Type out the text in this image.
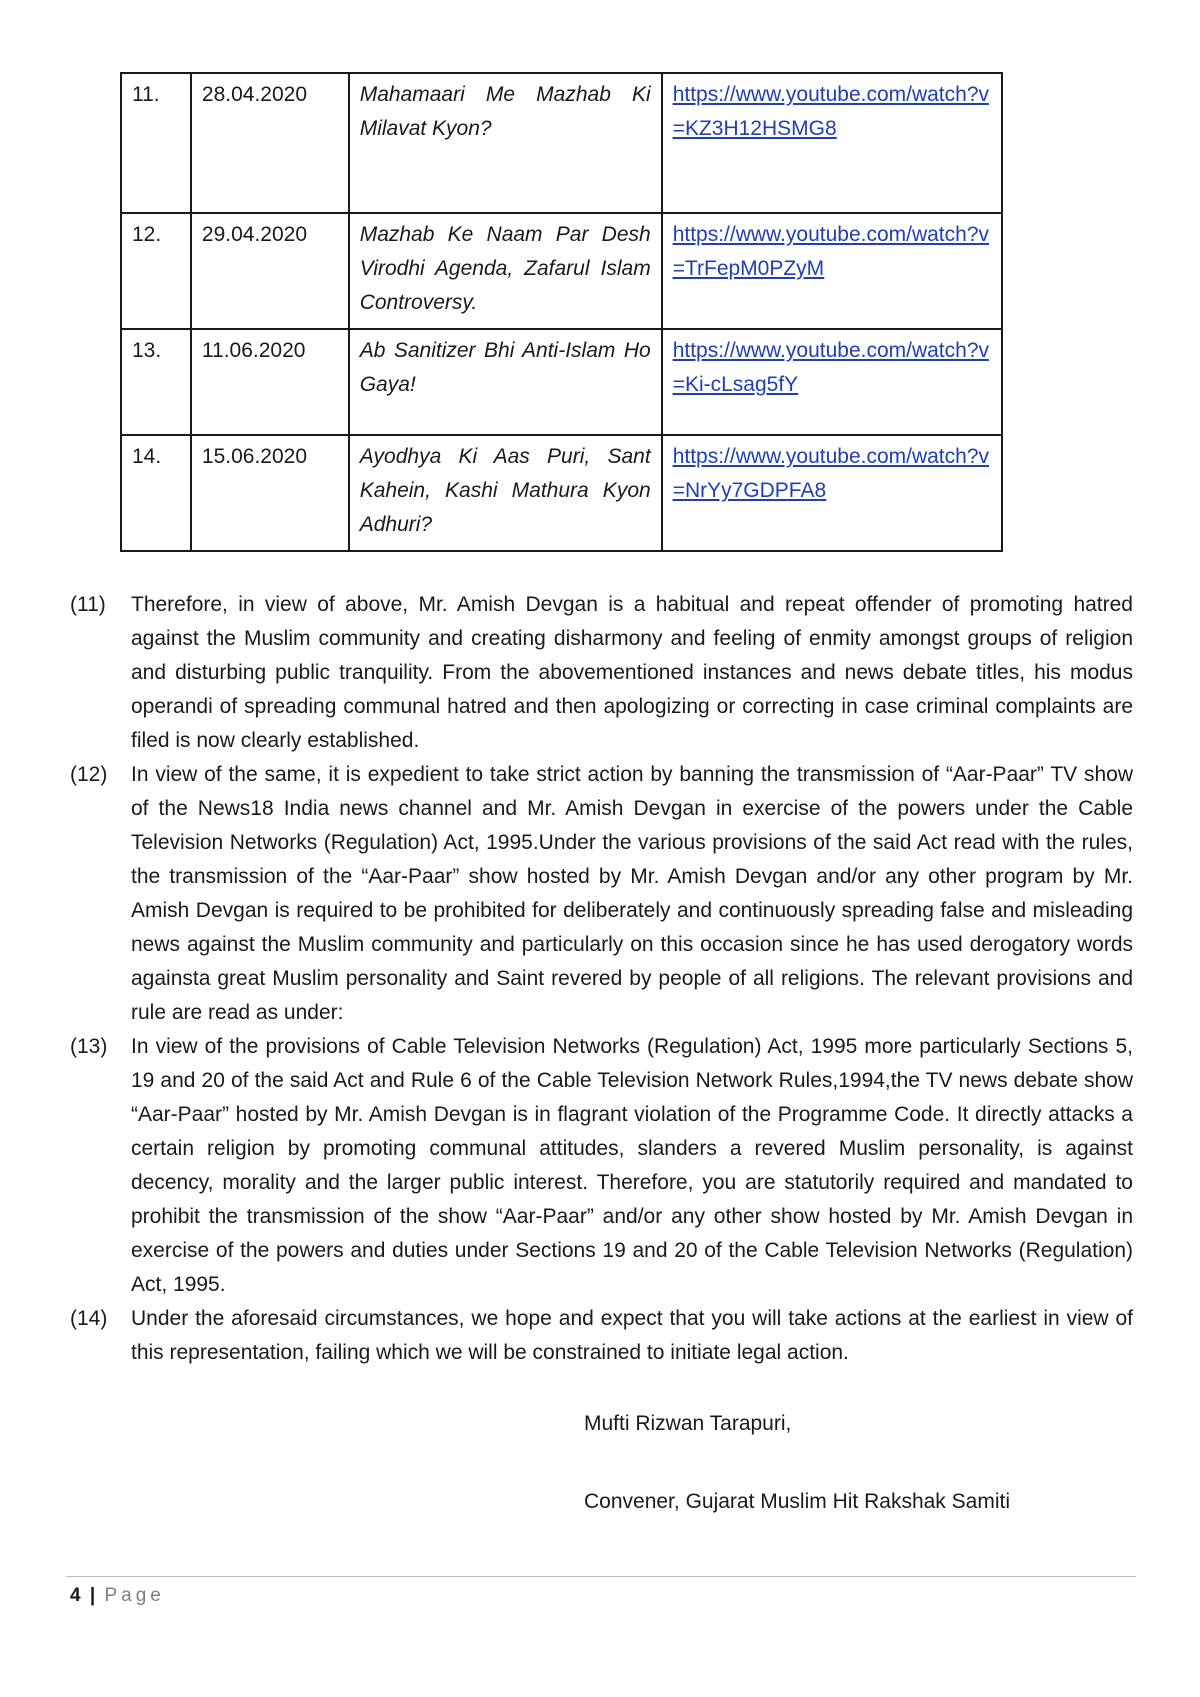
11.	28.04.2020	Mahamaari Me Mazhab Ki Milavat Kyon?	https://www.youtube.com/watch?v=KZ3H12HSMG8
12.	29.04.2020	Mazhab Ke Naam Par Desh Virodhi Agenda, Zafarul Islam Controversy.	https://www.youtube.com/watch?v=TrFepM0PZyM
13.	11.06.2020	Ab Sanitizer Bhi Anti-Islam Ho Gaya!	https://www.youtube.com/watch?v=Ki-cLsag5fY
14.	15.06.2020	Ayodhya Ki Aas Puri, Sant Kahein, Kashi Mathura Kyon Adhuri?	https://www.youtube.com/watch?v=NrYy7GDPFA8

(11)	Therefore, in view of above, Mr. Amish Devgan is a habitual and repeat offender of promoting hatred against the Muslim community and creating disharmony and feeling of enmity amongst groups of religion and disturbing public tranquility. From the abovementioned instances and news debate titles, his modus operandi of spreading communal hatred and then apologizing or correcting in case criminal complaints are filed is now clearly established.

(12)	In view of the same, it is expedient to take strict action by banning the transmission of “Aar-Paar” TV show of the News18 India news channel and Mr. Amish Devgan in exercise of the powers under the Cable Television Networks (Regulation) Act, 1995.Under the various provisions of the said Act read with the rules, the transmission of the “Aar-Paar” show hosted by Mr. Amish Devgan and/or any other program by Mr. Amish Devgan is required to be prohibited for deliberately and continuously spreading false and misleading news against the Muslim community and particularly on this occasion since he has used derogatory words againsta great Muslim personality and Saint revered by people of all religions. The relevant provisions and rule are read as under:

(13)	In view of the provisions of Cable Television Networks (Regulation) Act, 1995 more particularly Sections 5, 19 and 20 of the said Act and Rule 6 of the Cable Television Network Rules,1994,the TV news debate show “Aar-Paar” hosted by Mr. Amish Devgan is in flagrant violation of the Programme Code. It directly attacks a certain religion by promoting communal attitudes, slanders a revered Muslim personality, is against decency, morality and the larger public interest. Therefore, you are statutorily required and mandated to prohibit the transmission of the show “Aar-Paar” and/or any other show hosted by Mr. Amish Devgan in exercise of the powers and duties under Sections 19 and 20 of the Cable Television Networks (Regulation) Act, 1995.

(14)	Under the aforesaid circumstances, we hope and expect that you will take actions at the earliest in view of this representation, failing which we will be constrained to initiate legal action.

Mufti Rizwan Tarapuri,
Convener, Gujarat Muslim Hit Rakshak Samiti
4 | Page
